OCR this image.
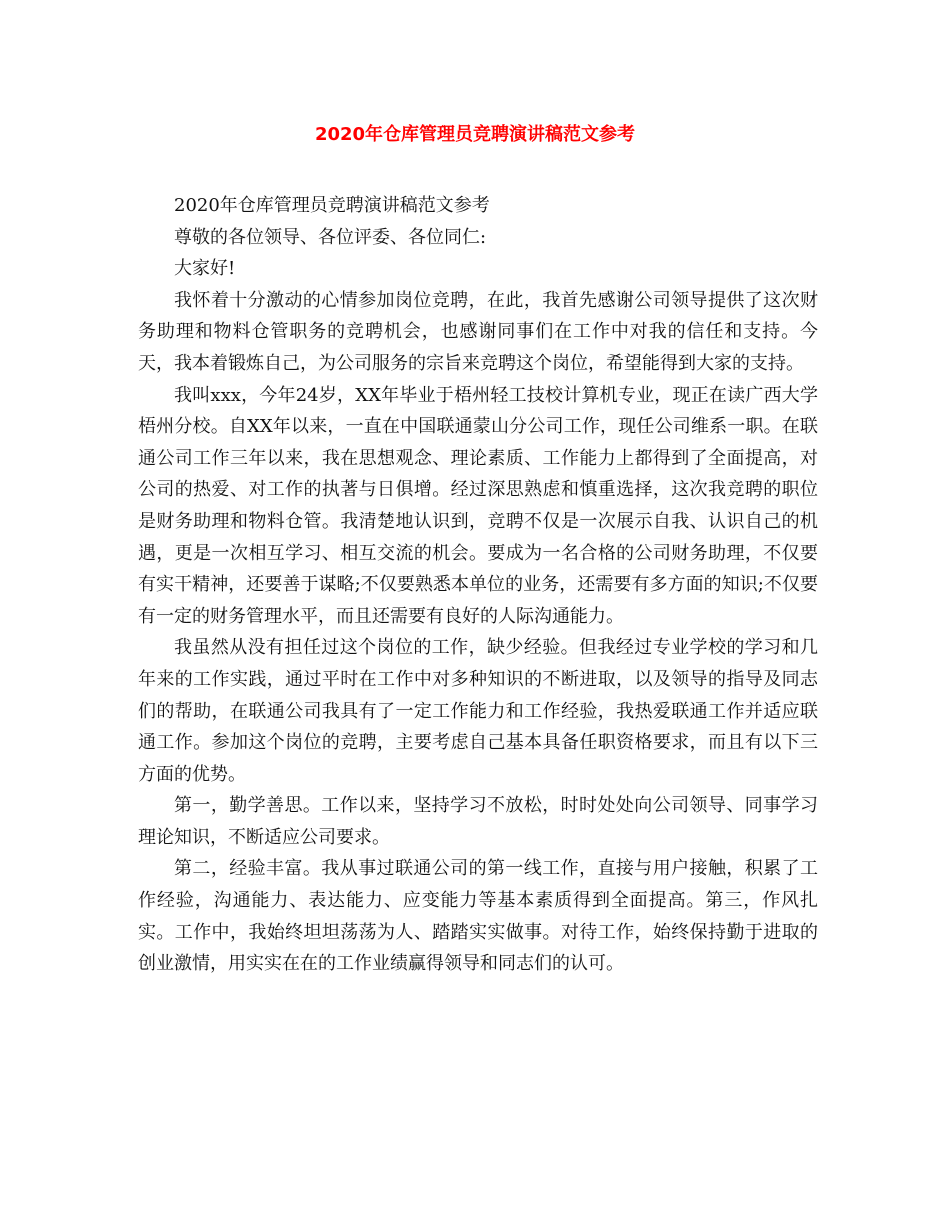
2020年仓库管理员竞聘演讲稿范文参考

2020年仓库管理员竞聘演讲稿范文参考

尊敬的各位领导、各位评委、各位同仁:

大家好!

我怀着十分激动的心情参加岗位竞聘，在此，我首先感谢公司领导提供了这次财务助理和物料仓管职务的竞聘机会，也感谢同事们在工作中对我的信任和支持。今天，我本着锻炼自己，为公司服务的宗旨来竞聘这个岗位，希望能得到大家的支持。

我叫xxx，今年24岁，XX年毕业于梧州轻工技校计算机专业，现正在读广西大学梧州分校。自XX年以来，一直在中国联通蒙山分公司工作，现任公司维系一职。在联通公司工作三年以来，我在思想观念、理论素质、工作能力上都得到了全面提高，对公司的热爱、对工作的执著与日俱增。经过深思熟虑和慎重选择，这次我竞聘的职位是财务助理和物料仓管。我清楚地认识到，竞聘不仅是一次展示自我、认识自己的机遇，更是一次相互学习、相互交流的机会。要成为一名合格的公司财务助理，不仅要有实干精神，还要善于谋略;不仅要熟悉本单位的业务，还需要有多方面的知识;不仅要有一定的财务管理水平，而且还需要有良好的人际沟通能力。

我虽然从没有担任过这个岗位的工作，缺少经验。但我经过专业学校的学习和几年来的工作实践，通过平时在工作中对多种知识的不断进取，以及领导的指导及同志们的帮助，在联通公司我具有了一定工作能力和工作经验，我热爱联通工作并适应联通工作。参加这个岗位的竞聘，主要考虑自己基本具备任职资格要求，而且有以下三方面的优势。

第一，勤学善思。工作以来，坚持学习不放松，时时处处向公司领导、同事学习理论知识，不断适应公司要求。

第二，经验丰富。我从事过联通公司的第一线工作，直接与用户接触，积累了工作经验，沟通能力、表达能力、应变能力等基本素质得到全面提高。第三，作风扎实。工作中，我始终坦坦荡荡为人、踏踏实实做事。对待工作，始终保持勤于进取的创业激情，用实实在在的工作业绩赢得领导和同志们的认可。
